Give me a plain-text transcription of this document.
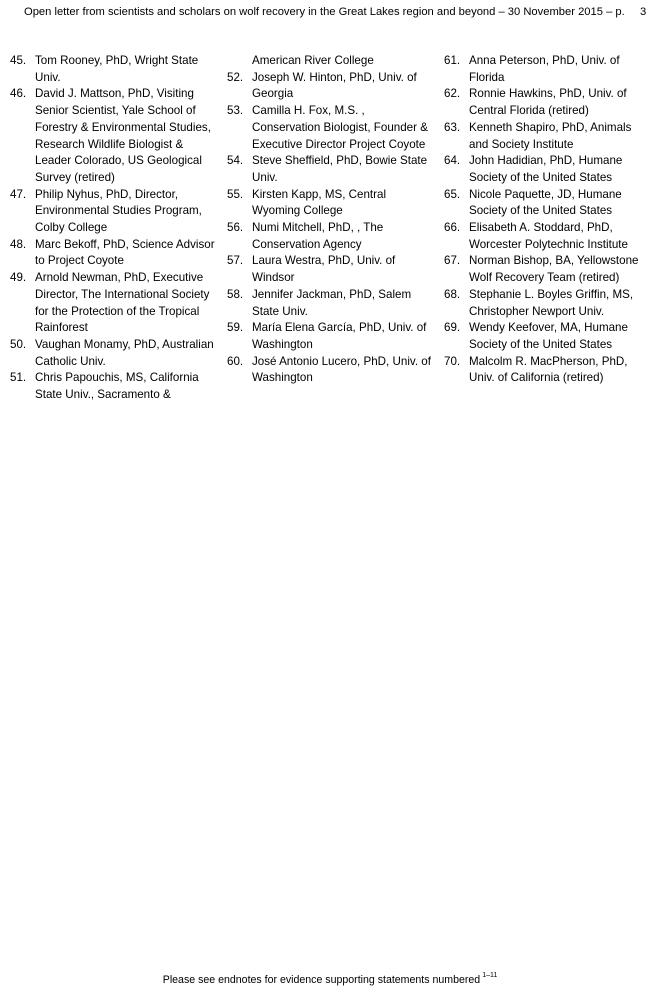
Open letter from scientists and scholars on wolf recovery in the Great Lakes region and beyond – 30 November 2015 – p. 3
45. Tom Rooney, PhD, Wright State Univ.
46. David J. Mattson, PhD, Visiting Senior Scientist, Yale School of Forestry & Environmental Studies, Research Wildlife Biologist & Leader Colorado, US Geological Survey (retired)
47. Philip Nyhus, PhD, Director, Environmental Studies Program, Colby College
48. Marc Bekoff, PhD, Science Advisor to Project Coyote
49. Arnold Newman, PhD, Executive Director, The International Society for the Protection of the Tropical Rainforest
50. Vaughan Monamy, PhD, Australian Catholic Univ.
51. Chris Papouchis, MS, California State Univ., Sacramento &
American River College
52. Joseph W. Hinton, PhD, Univ. of Georgia
53. Camilla H. Fox, M.S. , Conservation Biologist, Founder & Executive Director Project Coyote
54. Steve Sheffield, PhD, Bowie State Univ.
55. Kirsten Kapp, MS, Central Wyoming College
56. Numi Mitchell, PhD, , The Conservation Agency
57. Laura Westra, PhD, Univ. of Windsor
58. Jennifer Jackman, PhD, Salem State Univ.
59. María Elena García, PhD, Univ. of Washington
60. José Antonio Lucero, PhD, Univ. of Washington
61. Anna Peterson, PhD, Univ. of Florida
62. Ronnie Hawkins, PhD, Univ. of Central Florida (retired)
63. Kenneth Shapiro, PhD, Animals and Society Institute
64. John Hadidian, PhD, Humane Society of the United States
65. Nicole Paquette, JD, Humane Society of the United States
66. Elisabeth A. Stoddard, PhD, Worcester Polytechnic Institute
67. Norman Bishop, BA, Yellowstone Wolf Recovery Team (retired)
68. Stephanie L. Boyles Griffin, MS, Christopher Newport Univ.
69. Wendy Keefover, MA, Humane Society of the United States
70. Malcolm R. MacPherson, PhD, Univ. of California (retired)
Please see endnotes for evidence supporting statements numbered $^{1-11}$
